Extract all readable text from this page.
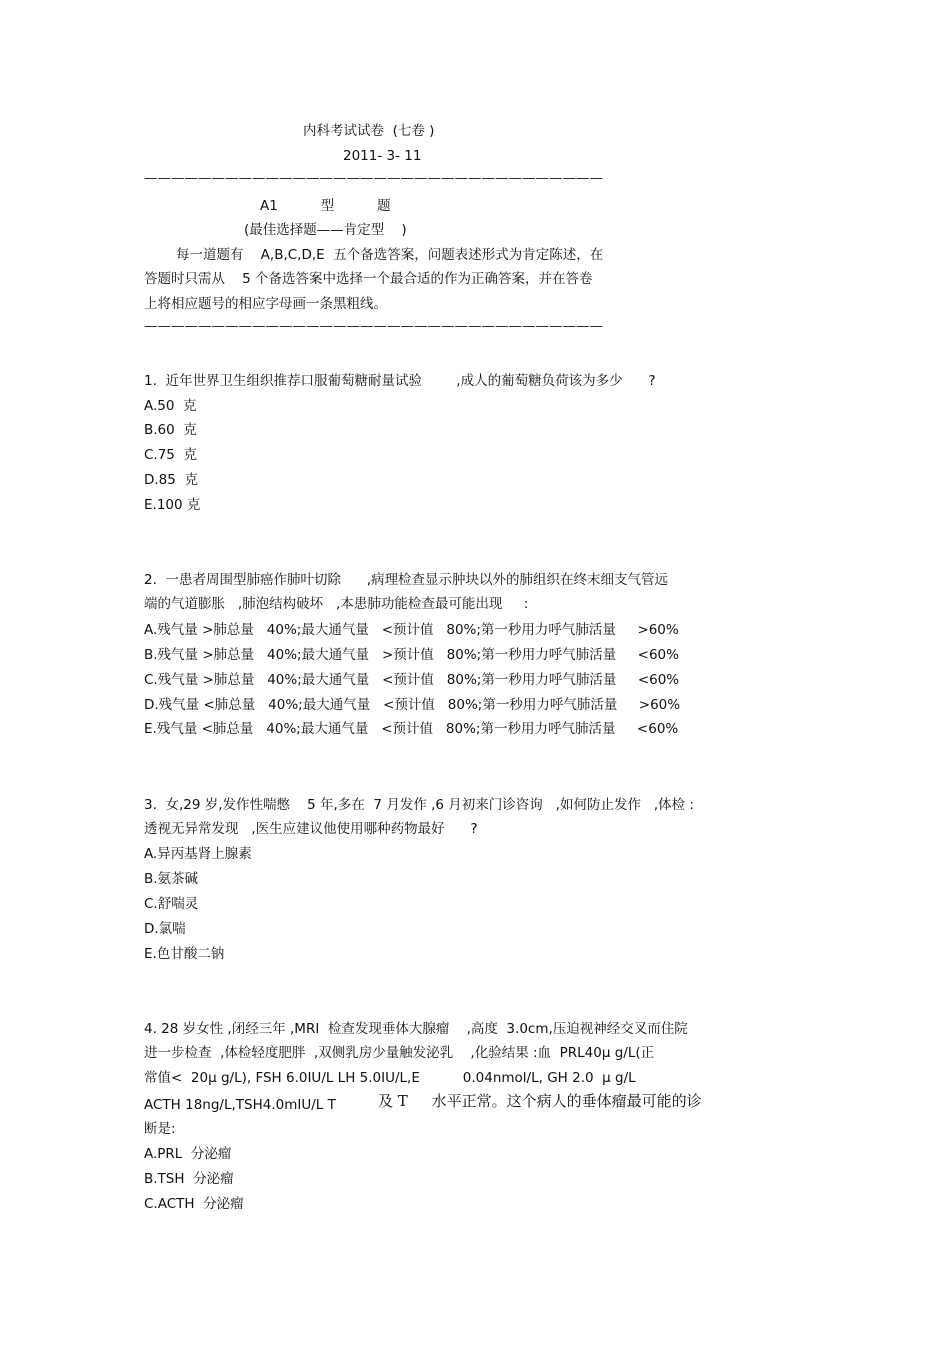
内科考试试卷  (七卷 )
2011- 3- 11
——————————————————————————————————
A1          型          题
(最佳选择题——肯定型    )
每一道题有    A,B,C,D,E  五个备选答案，问题表述形式为肯定陈述，在
答题时只需从    5 个备选答案中选择一个最合适的作为正确答案，并在答卷
上将相应题号的相应字母画一条黑粗线。
——————————————————————————————————
1.  近年世界卫生组织推荐口服葡萄糖耐量试验        ,成人的葡萄糖负荷该为多少      ?
A.50  克
B.60  克
C.75  克
D.85  克
E.100 克
2.  一患者周围型肺癌作肺叶切除      ,病理检查显示肿块以外的肺组织在终末细支气管远
端的气道膨胀   ,肺泡结构破坏   ,本患肺功能检查最可能出现     :
A.残气量 >肺总量   40%;最大通气量   <预计值   80%;第一秒用力呼气肺活量     >60%
B.残气量 >肺总量   40%;最大通气量   >预计值   80%;第一秒用力呼气肺活量     <60%
C.残气量 >肺总量   40%;最大通气量   <预计值   80%;第一秒用力呼气肺活量     <60%
D.残气量 <肺总量   40%;最大通气量   <预计值   80%;第一秒用力呼气肺活量     >60%
E.残气量 <肺总量   40%;最大通气量   <预计值   80%;第一秒用力呼气肺活量     <60%
3.  女,29 岁,发作性喘憋    5 年,多在  7 月发作 ,6 月初来门诊咨询   ,如何防止发作   ,体检 :
透视无异常发现   ,医生应建议他使用哪种药物最好      ?
A.异丙基肾上腺素
B.氨茶碱
C.舒喘灵
D.氯喘
E.色甘酸二钠
4. 28 岁女性 ,闭经三年 ,MRI  检查发现垂体大腺瘤    ,高度  3.0cm,压迫视神经交叉而住院
进一步检查  ,体检轻度肥胖  ,双侧乳房少量触发泌乳    ,化验结果 :血  PRL40μ g/L(正
常值<  20μ g/L), FSH 6.0IU/L LH 5.0IU/L,E          0.04nmol/L, GH 2.0  μ g/L
ACTH 18ng/L,TSH4.0mIU/L T	及 T     水平正常。这个病人的垂体瘤最可能的诊
断是:
A.PRL  分泌瘤
B.TSH  分泌瘤
C.ACTH  分泌瘤
